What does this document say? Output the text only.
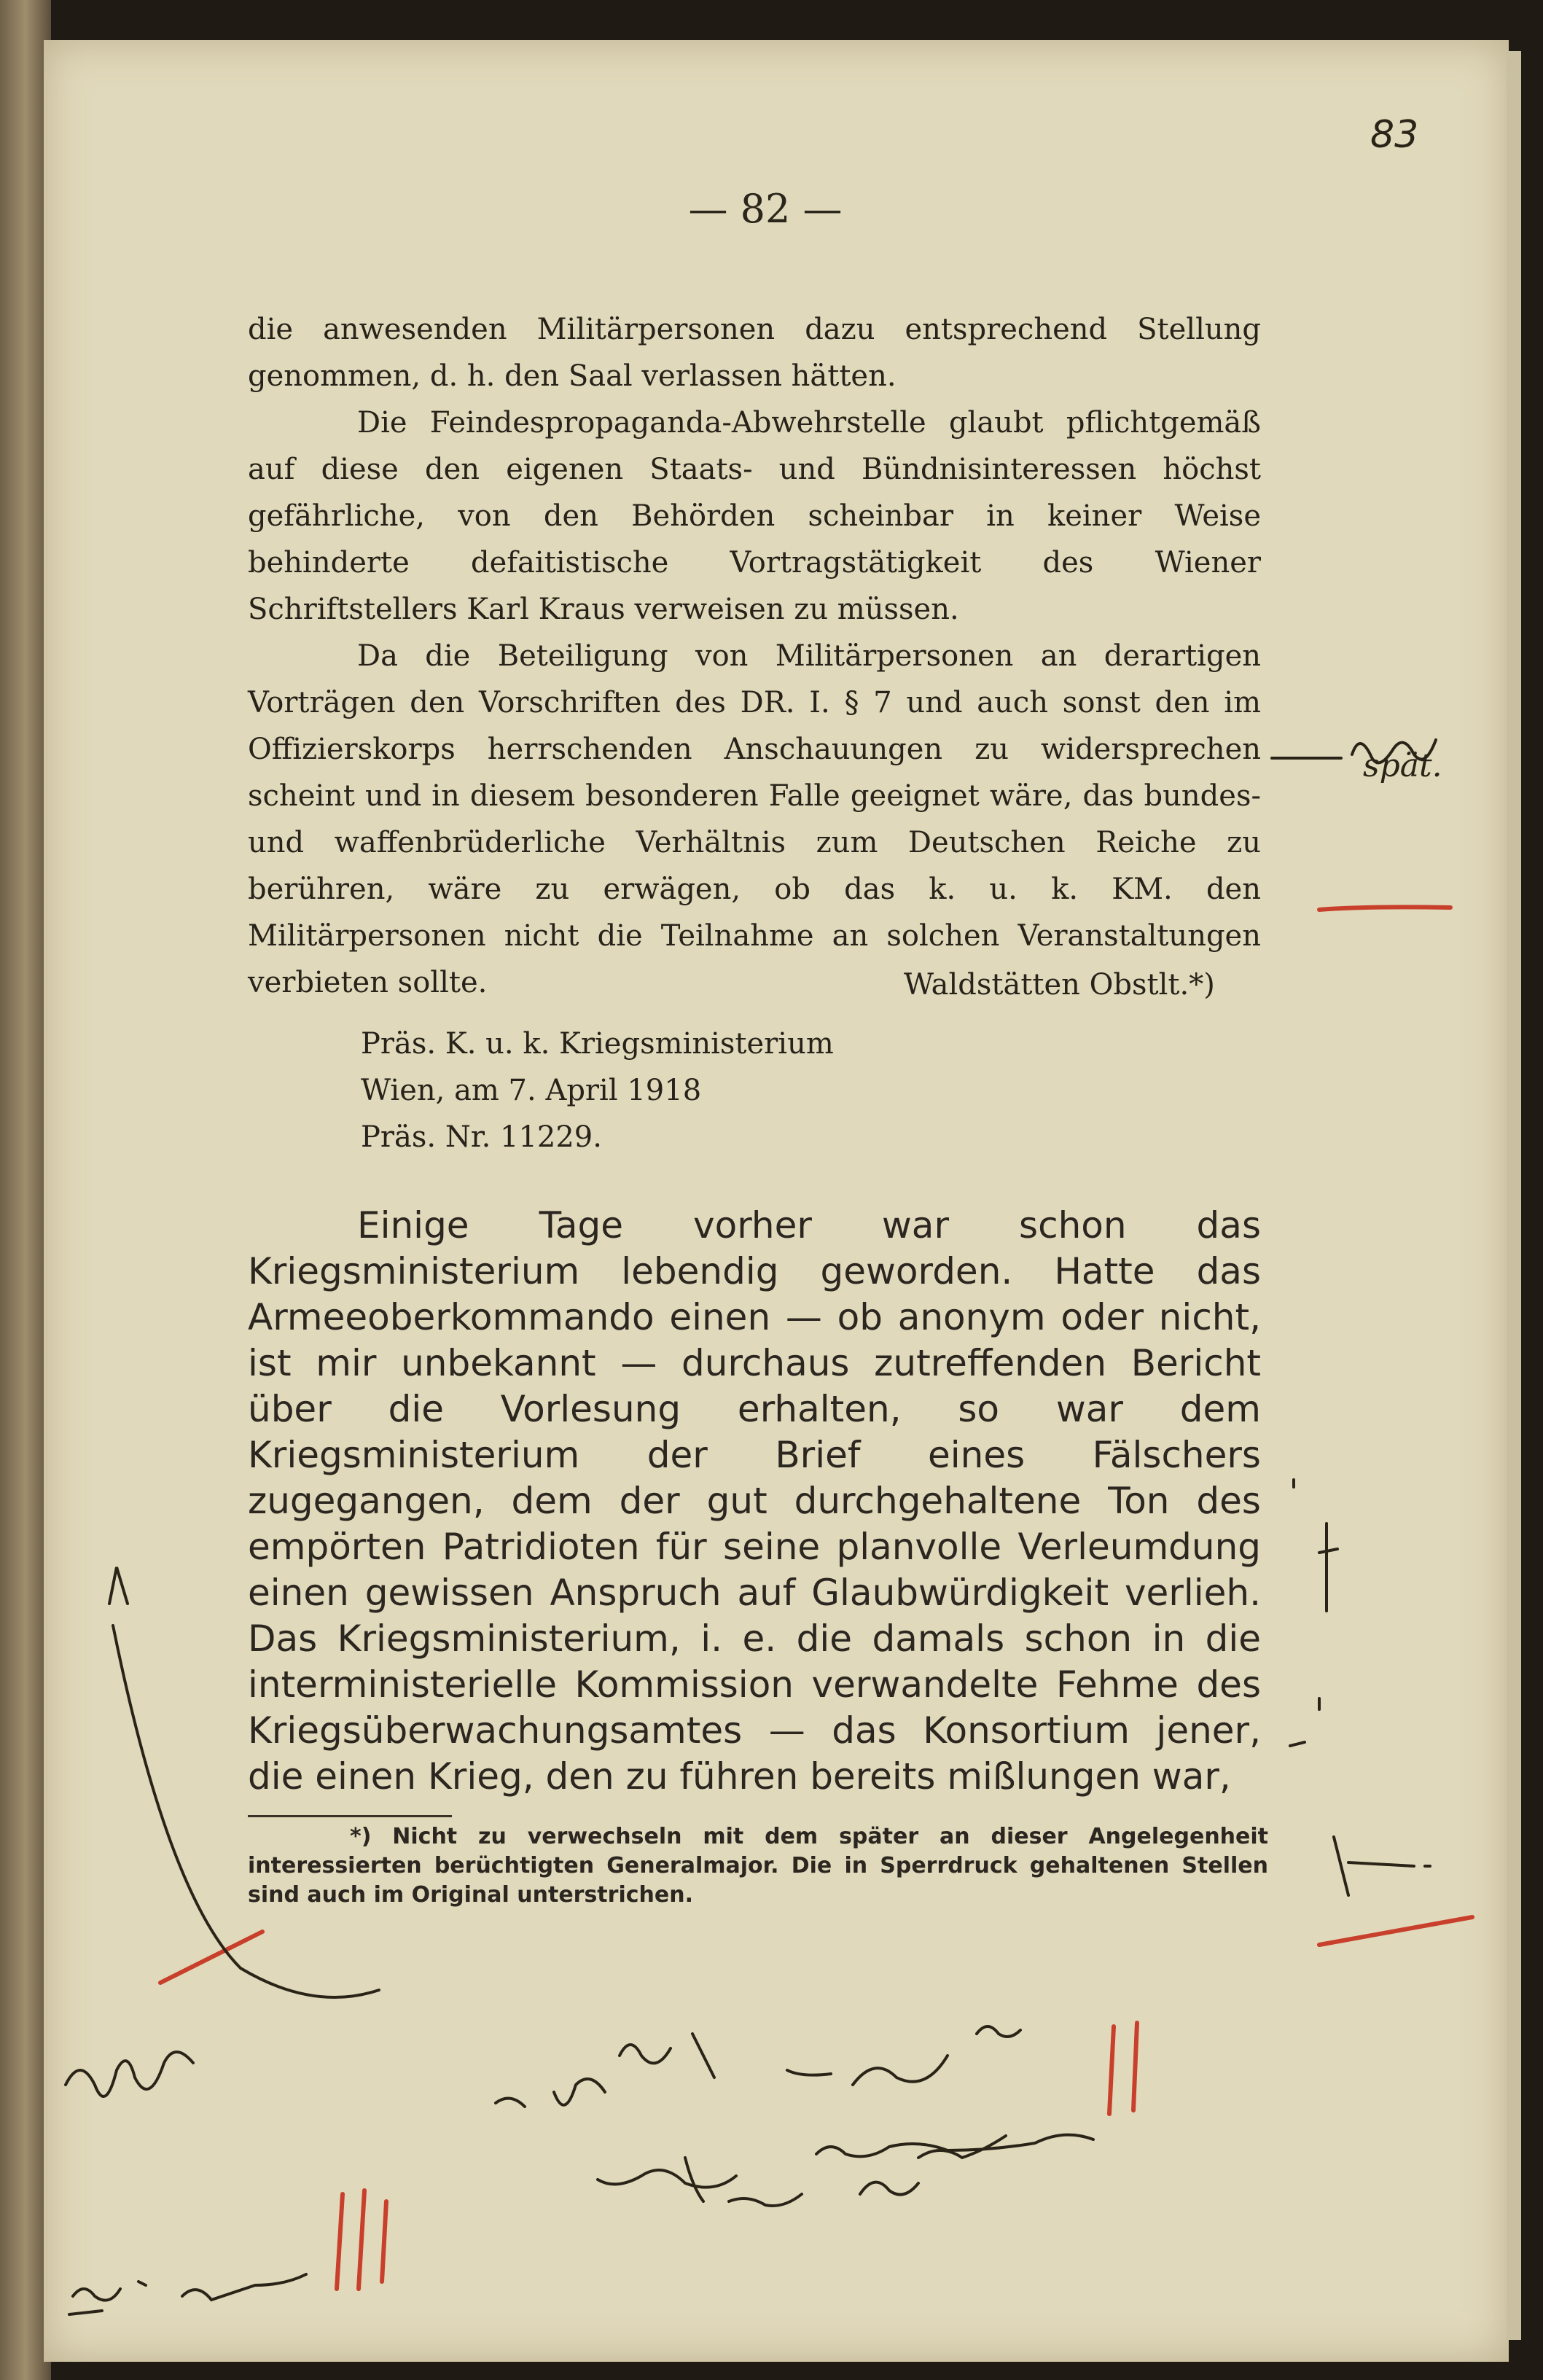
83
— 82 —

die anwesenden Militärpersonen dazu entsprechend Stellung genommen, d. h. den Saal verlassen hätten.

Die Feindespropaganda-Abwehrstelle glaubt pflichtgemäß auf diese den eigenen Staats- und Bündnisinteressen höchst gefährliche, von den Behörden scheinbar in keiner Weise behinderte defaitistische Vortragstätigkeit des Wiener Schriftstellers Karl Kraus verweisen zu müssen.

Da die Beteiligung von Militärpersonen an derartigen Vorträgen den Vorschriften des DR. I. § 7 und auch sonst den im Offizierskorps herrschenden Anschauungen zu widersprechen scheint und in diesem besonderen Falle geeignet wäre, das bundes- und waffenbrüderliche Verhältnis zum Deutschen Reiche zu berühren, wäre zu erwägen, ob das k. u. k. KM. den Militärpersonen nicht die Teilnahme an solchen Veranstaltungen verbieten sollte.	Waldstätten Obstlt.*)
Präs. K. u. k. Kriegsministerium
Wien, am 7. April 1918
Präs. Nr. 11229.

Einige Tage vorher war schon das Kriegsministerium lebendig geworden. Hatte das Armeeoberkommando einen — ob anonym oder nicht, ist mir unbekannt — durchaus zutreffenden Bericht über die Vorlesung erhalten, so war dem Kriegsministerium der Brief eines Fälschers zugegangen, dem der gut durchgehaltene Ton des empörten Patridioten für seine planvolle Verleumdung einen gewissen Anspruch auf Glaubwürdigkeit verlieh. Das Kriegsministerium, i. e. die damals schon in die interministerielle Kommission verwandelte Fehme des Kriegsüberwachungsamtes — das Konsortium jener, die einen Krieg, den zu führen bereits mißlungen war,

*) Nicht zu verwechseln mit dem später an dieser Angelegenheit interessierten berüchtigten Generalmajor. Die in Sperrdruck gehaltenen Stellen sind auch im Original unterstrichen.

spät.
